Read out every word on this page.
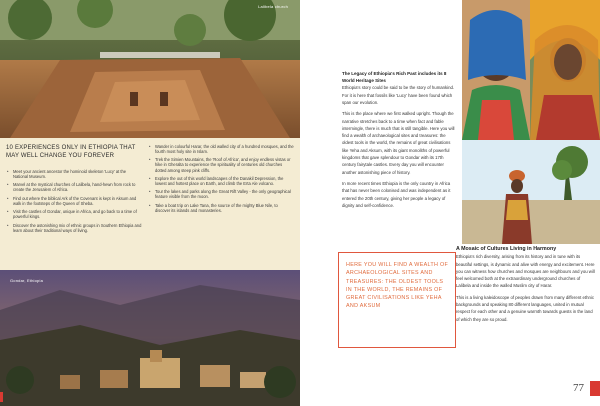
Lalibela church
Gondar, Ethiopia
10 EXPERIENCES ONLY IN ETHIOPIA THAT MAY WELL CHANGE YOU FOREVER
• Meet your ancient ancestor the hominoid skeleton 'Lucy' at the National Museum.
• Marvel at the mystical churches of Lalibela, hand-hewn from rock to create the Jerusalem of Africa.
• Find out where the biblical Ark of the Covenant is kept in Aksum and walk in the footsteps of the Queen of Sheba.
• Visit the castles of Gondar, unique in Africa, and go back to a time of powerful kings.
• Discover the astonishing mix of ethnic groups in Southern Ethiopia and learn about their traditional ways of living.
• Wander in colourful Harar, the old walled city of a hundred mosques, and the fourth most holy site in Islam.
• Trek the Simien Mountains, the 'Roof of Africa', and enjoy endless vistas or hike in Gheralta to experience the spirituality of centuries old churches dotted among steep pink cliffs.
• Explore the out of this world landscapes of the Danakil Depression, the lowest and hottest place on Earth, and climb the Erta Ale volcano.
• Tour the lakes and parks along the Great Rift Valley - the only geographical feature visible from the moon.
• Take a boat trip on Lake Tana, the source of the mighty Blue Nile, to discover its islands and monasteries.
The Legacy of Ethiopia's Rich Past includes its 8 World Heritage Sites

Ethiopia's story could be said to be the story of humankind. For it is here that fossils like 'Lucy' have been found which span our evolution.

This is the place where we first walked upright. Though the narrative stretches back to a time when fact and fable intermingle, there is much that is still tangible. Here you will find a wealth of archaeological sites and treasures: the oldest tools in the world, the remains of great civilisations like Yeha and Aksum, with its giant monoliths of powerful kingdoms that gave splendour to Gondar with its 17th century fairytale castles. Every day you will encounter another astonishing piece of history.

In more recent times Ethiopia is the only country in Africa that has never been colonised and was independent as it entered the 20th century, giving her people a legacy of dignity and self-confidence.

HERE YOU WILL FIND A WEALTH OF ARCHAEOLOGICAL SITES AND TREASURES: THE OLDEST TOOLS IN THE WORLD, THE REMAINS OF GREAT CIVILISATIONS LIKE YEHA AND AKSUM

A Mosaic of Cultures Living in Harmony

Ethiopia's rich diversity, arising from its history and in tune with its beautiful settings, is dynamic and alive with energy and excitement. Here you can witness how churches and mosques are neighbours and you will feel welcomed both at the extraordinary underground churches of Lalibela and inside the walled Muslim city of Harar.

This is a living kaleidoscope of peoples drawn from many different ethnic backgrounds and speaking 80 different languages, united in mutual respect for each other and a genuine warmth towards guests in the land of which they are so proud.

77
